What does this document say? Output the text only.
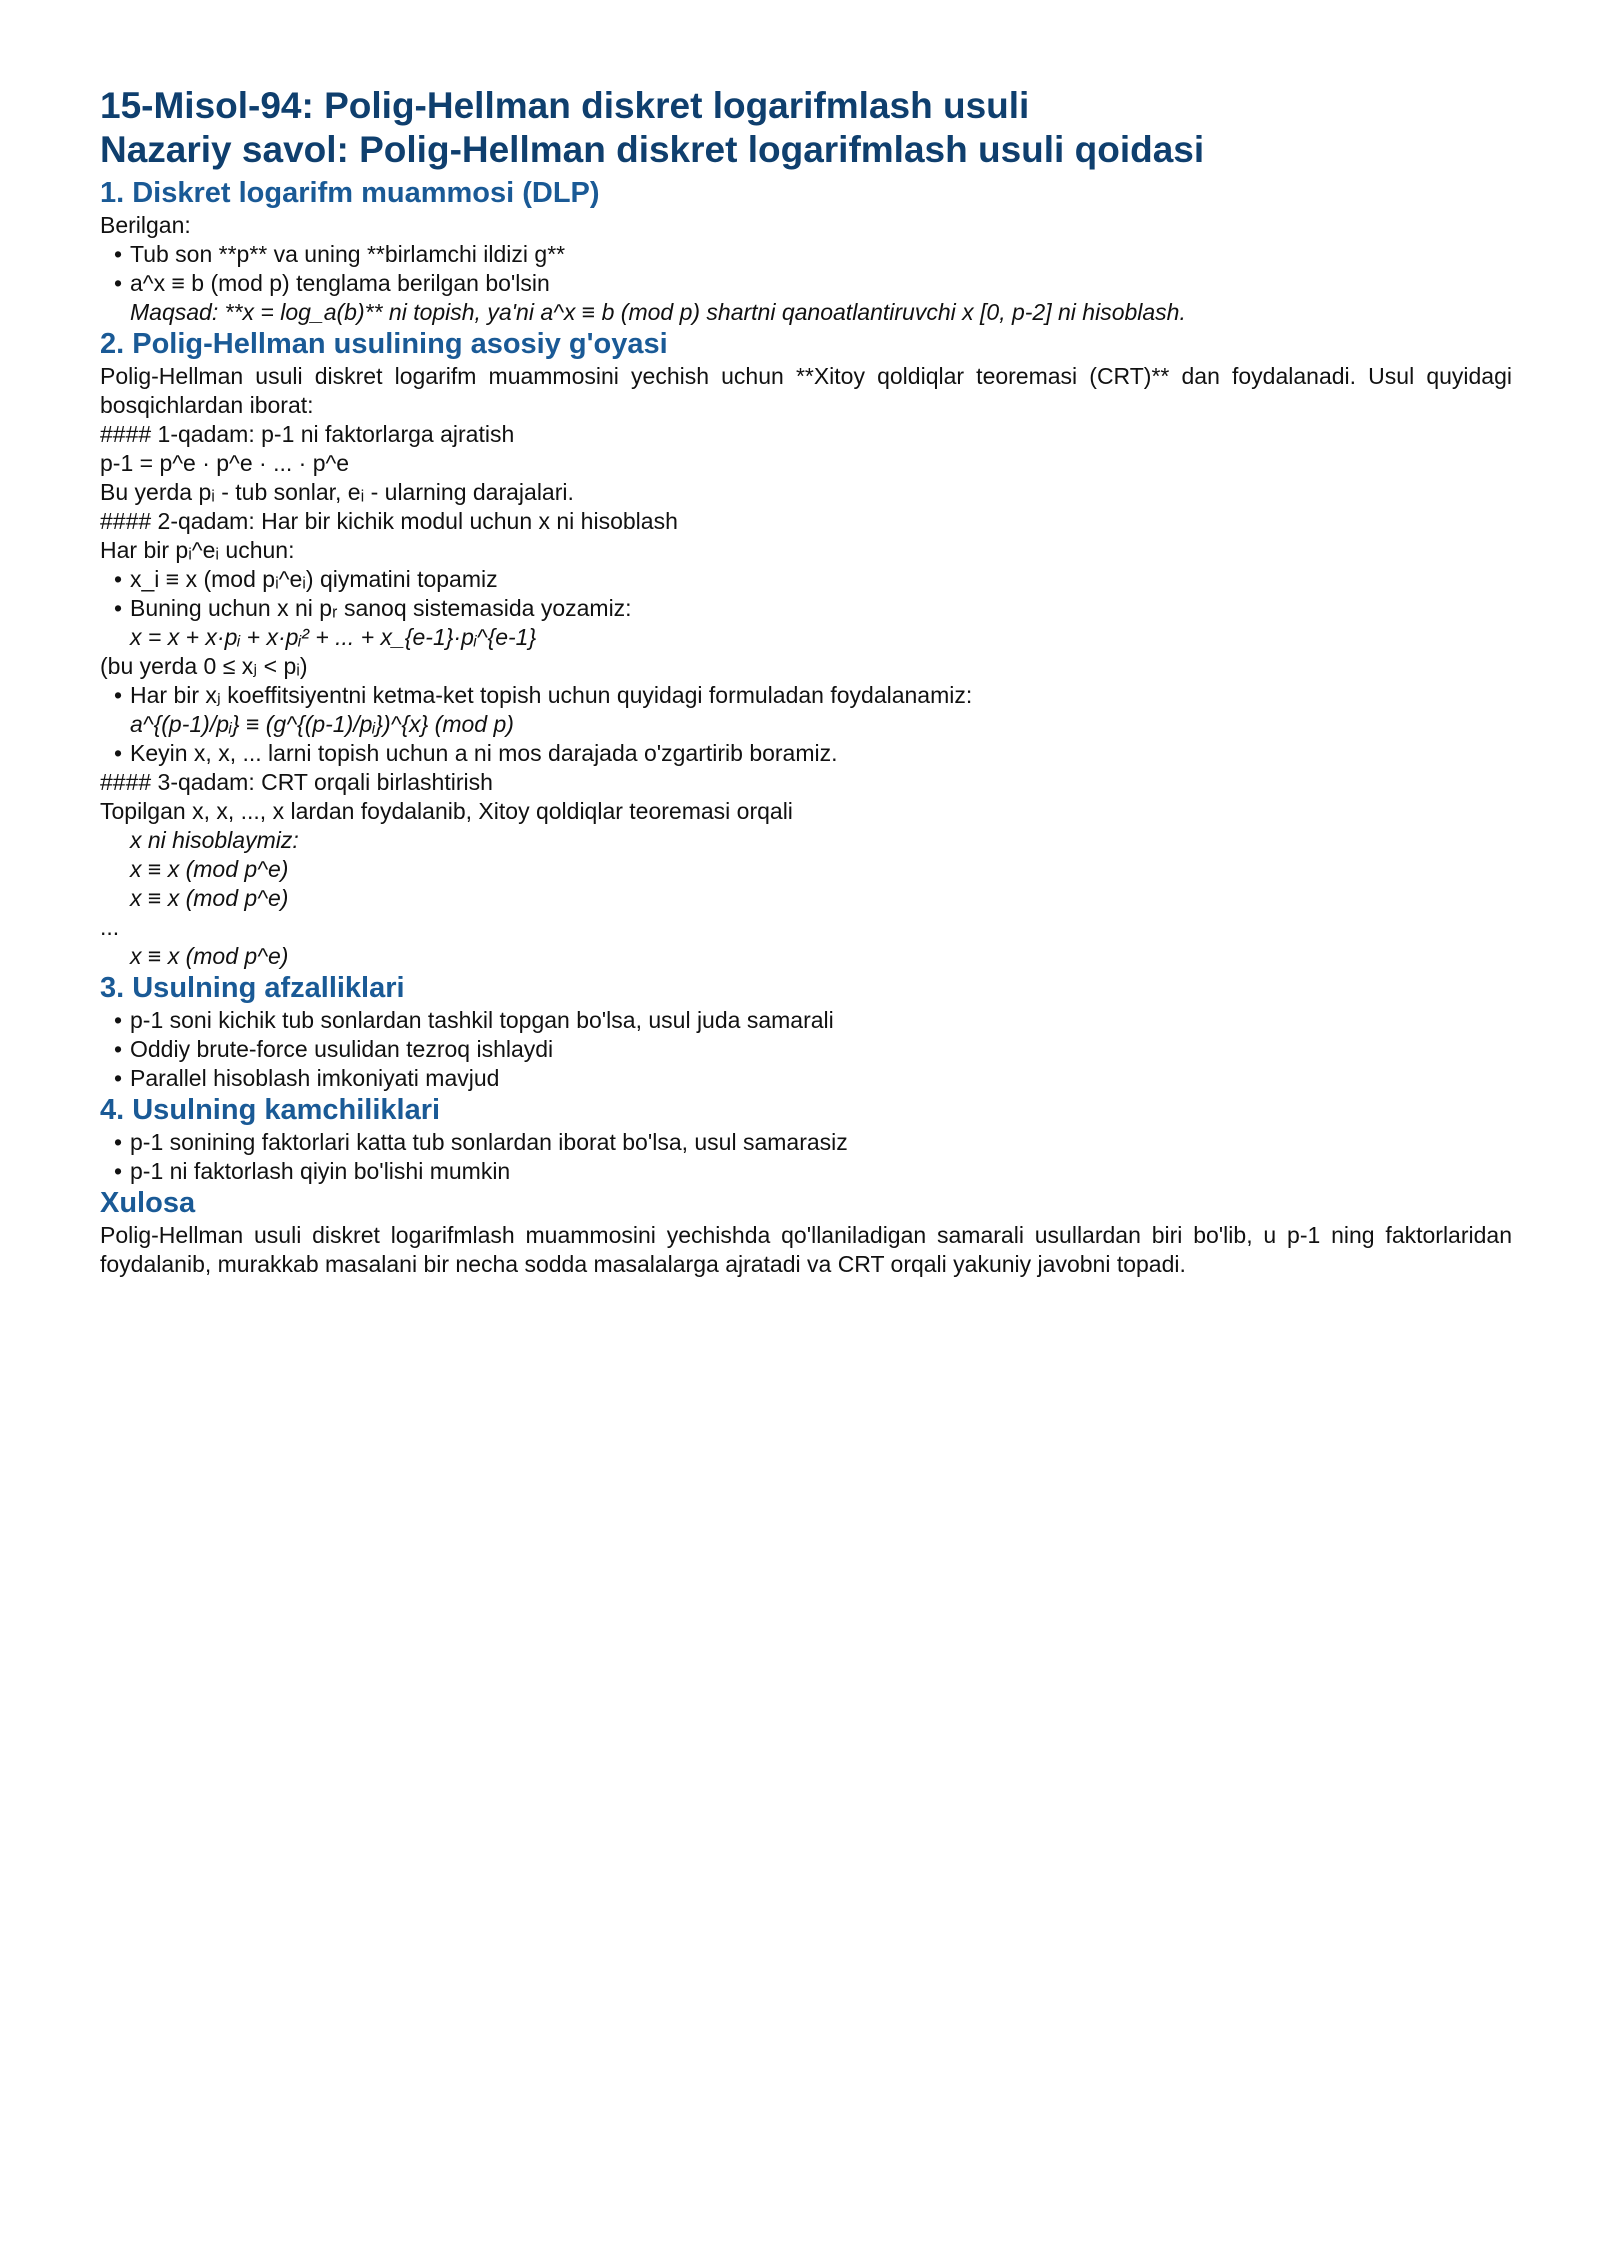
15-Misol-94: Polig-Hellman diskret logarifmlash usuli
Nazariy savol: Polig-Hellman diskret logarifmlash usuli qoidasi
1. Diskret logarifm muammosi (DLP)

Berilgan:

• Tub son **p** va uning **birlamchi ildizi g**
• a^x ≡ b (mod p) tenglama berilgan bo'lsin

Maqsad: **x = log_a(b)** ni topish, ya'ni a^x ≡ b (mod p) shartni qanoatlantiruvchi x [0, p-2] ni hisoblash.

2. Polig-Hellman usulining asosiy g'oyasi

Polig-Hellman usuli diskret logarifm muammosini yechish uchun **Xitoy qoldiqlar teoremasi (CRT)** dan foydalanadi. Usul quyidagi bosqichlardan iborat:

#### 1-qadam: p-1 ni faktorlarga ajratish

p-1 = p^e · p^e · ... · p^e

Bu yerda pᵢ - tub sonlar, eᵢ - ularning darajalari.

#### 2-qadam: Har bir kichik modul uchun x ni hisoblash

Har bir pᵢ^eᵢ uchun:

• x_i ≡ x (mod pᵢ^eᵢ) qiymatini topamiz
• Buning uchun x ni pᵣ sanoq sistemasida yozamiz:

x = x + x·pᵢ + x·pᵢ² + ... + x_{e-1}·pᵢ^{e-1}

(bu yerda 0 ≤ xⱼ < pᵢ)

• Har bir xⱼ koeffitsiyentni ketma-ket topish uchun quyidagi formuladan foydalanamiz:

a^{(p-1)/pᵢ} ≡ (g^{(p-1)/pᵢ})^{x} (mod p)

• Keyin x, x, ... larni topish uchun a ni mos darajada o'zgartirib boramiz.

#### 3-qadam: CRT orqali birlashtirish

Topilgan x, x, ..., x lardan foydalanib, Xitoy qoldiqlar teoremasi orqali

x ni hisoblaymiz:

x ≡ x (mod p^e)

x ≡ x (mod p^e)

...

x ≡ x (mod p^e)

3. Usulning afzalliklari
• p-1 soni kichik tub sonlardan tashkil topgan bo'lsa, usul juda samarali
• Oddiy brute-force usulidan tezroq ishlaydi
• Parallel hisoblash imkoniyati mavjud
4. Usulning kamchiliklari
• p-1 sonining faktorlari katta tub sonlardan iborat bo'lsa, usul samarasiz
• p-1 ni faktorlash qiyin bo'lishi mumkin
Xulosa

Polig-Hellman usuli diskret logarifmlash muammosini yechishda qo'llaniladigan samarali usullardan biri bo'lib, u p-1 ning faktorlaridan foydalanib, murakkab masalani bir necha sodda masalalarga ajratadi va CRT orqali yakuniy javobni topadi.
